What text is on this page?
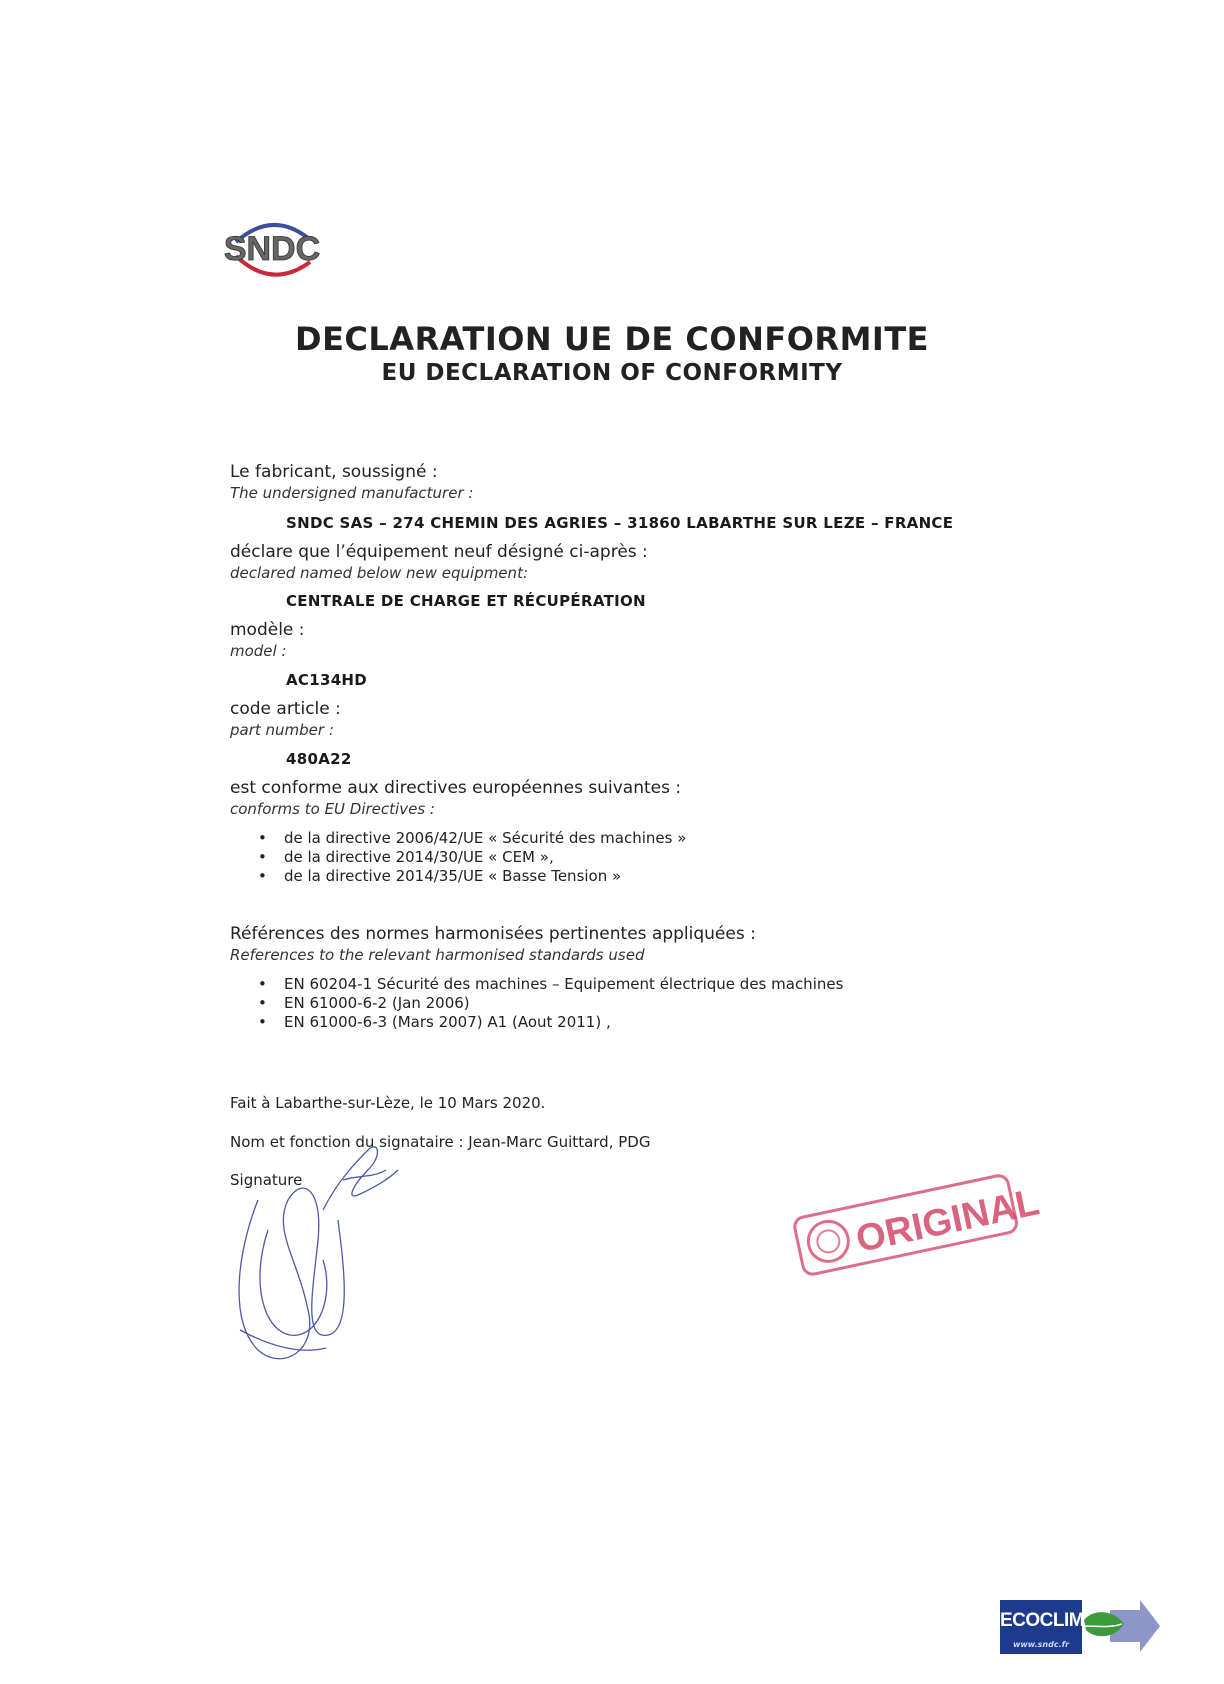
SNDC
DECLARATION UE DE CONFORMITE
EU DECLARATION OF CONFORMITY
Le fabricant, soussigné :
The undersigned manufacturer :
SNDC SAS – 274 CHEMIN DES AGRIES – 31860 LABARTHE SUR LEZE – FRANCE
déclare que l’équipement neuf désigné ci-après :
declared named below new equipment:
CENTRALE DE CHARGE ET RÉCUPÉRATION
modèle :
model :
AC134HD
code article :
part number :
480A22
est conforme aux directives européennes suivantes :
conforms to EU Directives :
• de la directive 2006/42/UE « Sécurité des machines »
• de la directive 2014/30/UE « CEM »,
• de la directive 2014/35/UE « Basse Tension »
Références des normes harmonisées pertinentes appliquées :
References to the relevant harmonised standards used
• EN 60204-1 Sécurité des machines – Equipement électrique des machines
• EN 61000-6-2 (Jan 2006)
• EN 61000-6-3 (Mars 2007) A1 (Aout 2011) ,
Fait à Labarthe-sur-Lèze, le 10 Mars 2020.
Nom et fonction du signataire : Jean-Marc Guittard, PDG
Signature
ORIGINAL
ECOCLIM
www.sndc.fr
